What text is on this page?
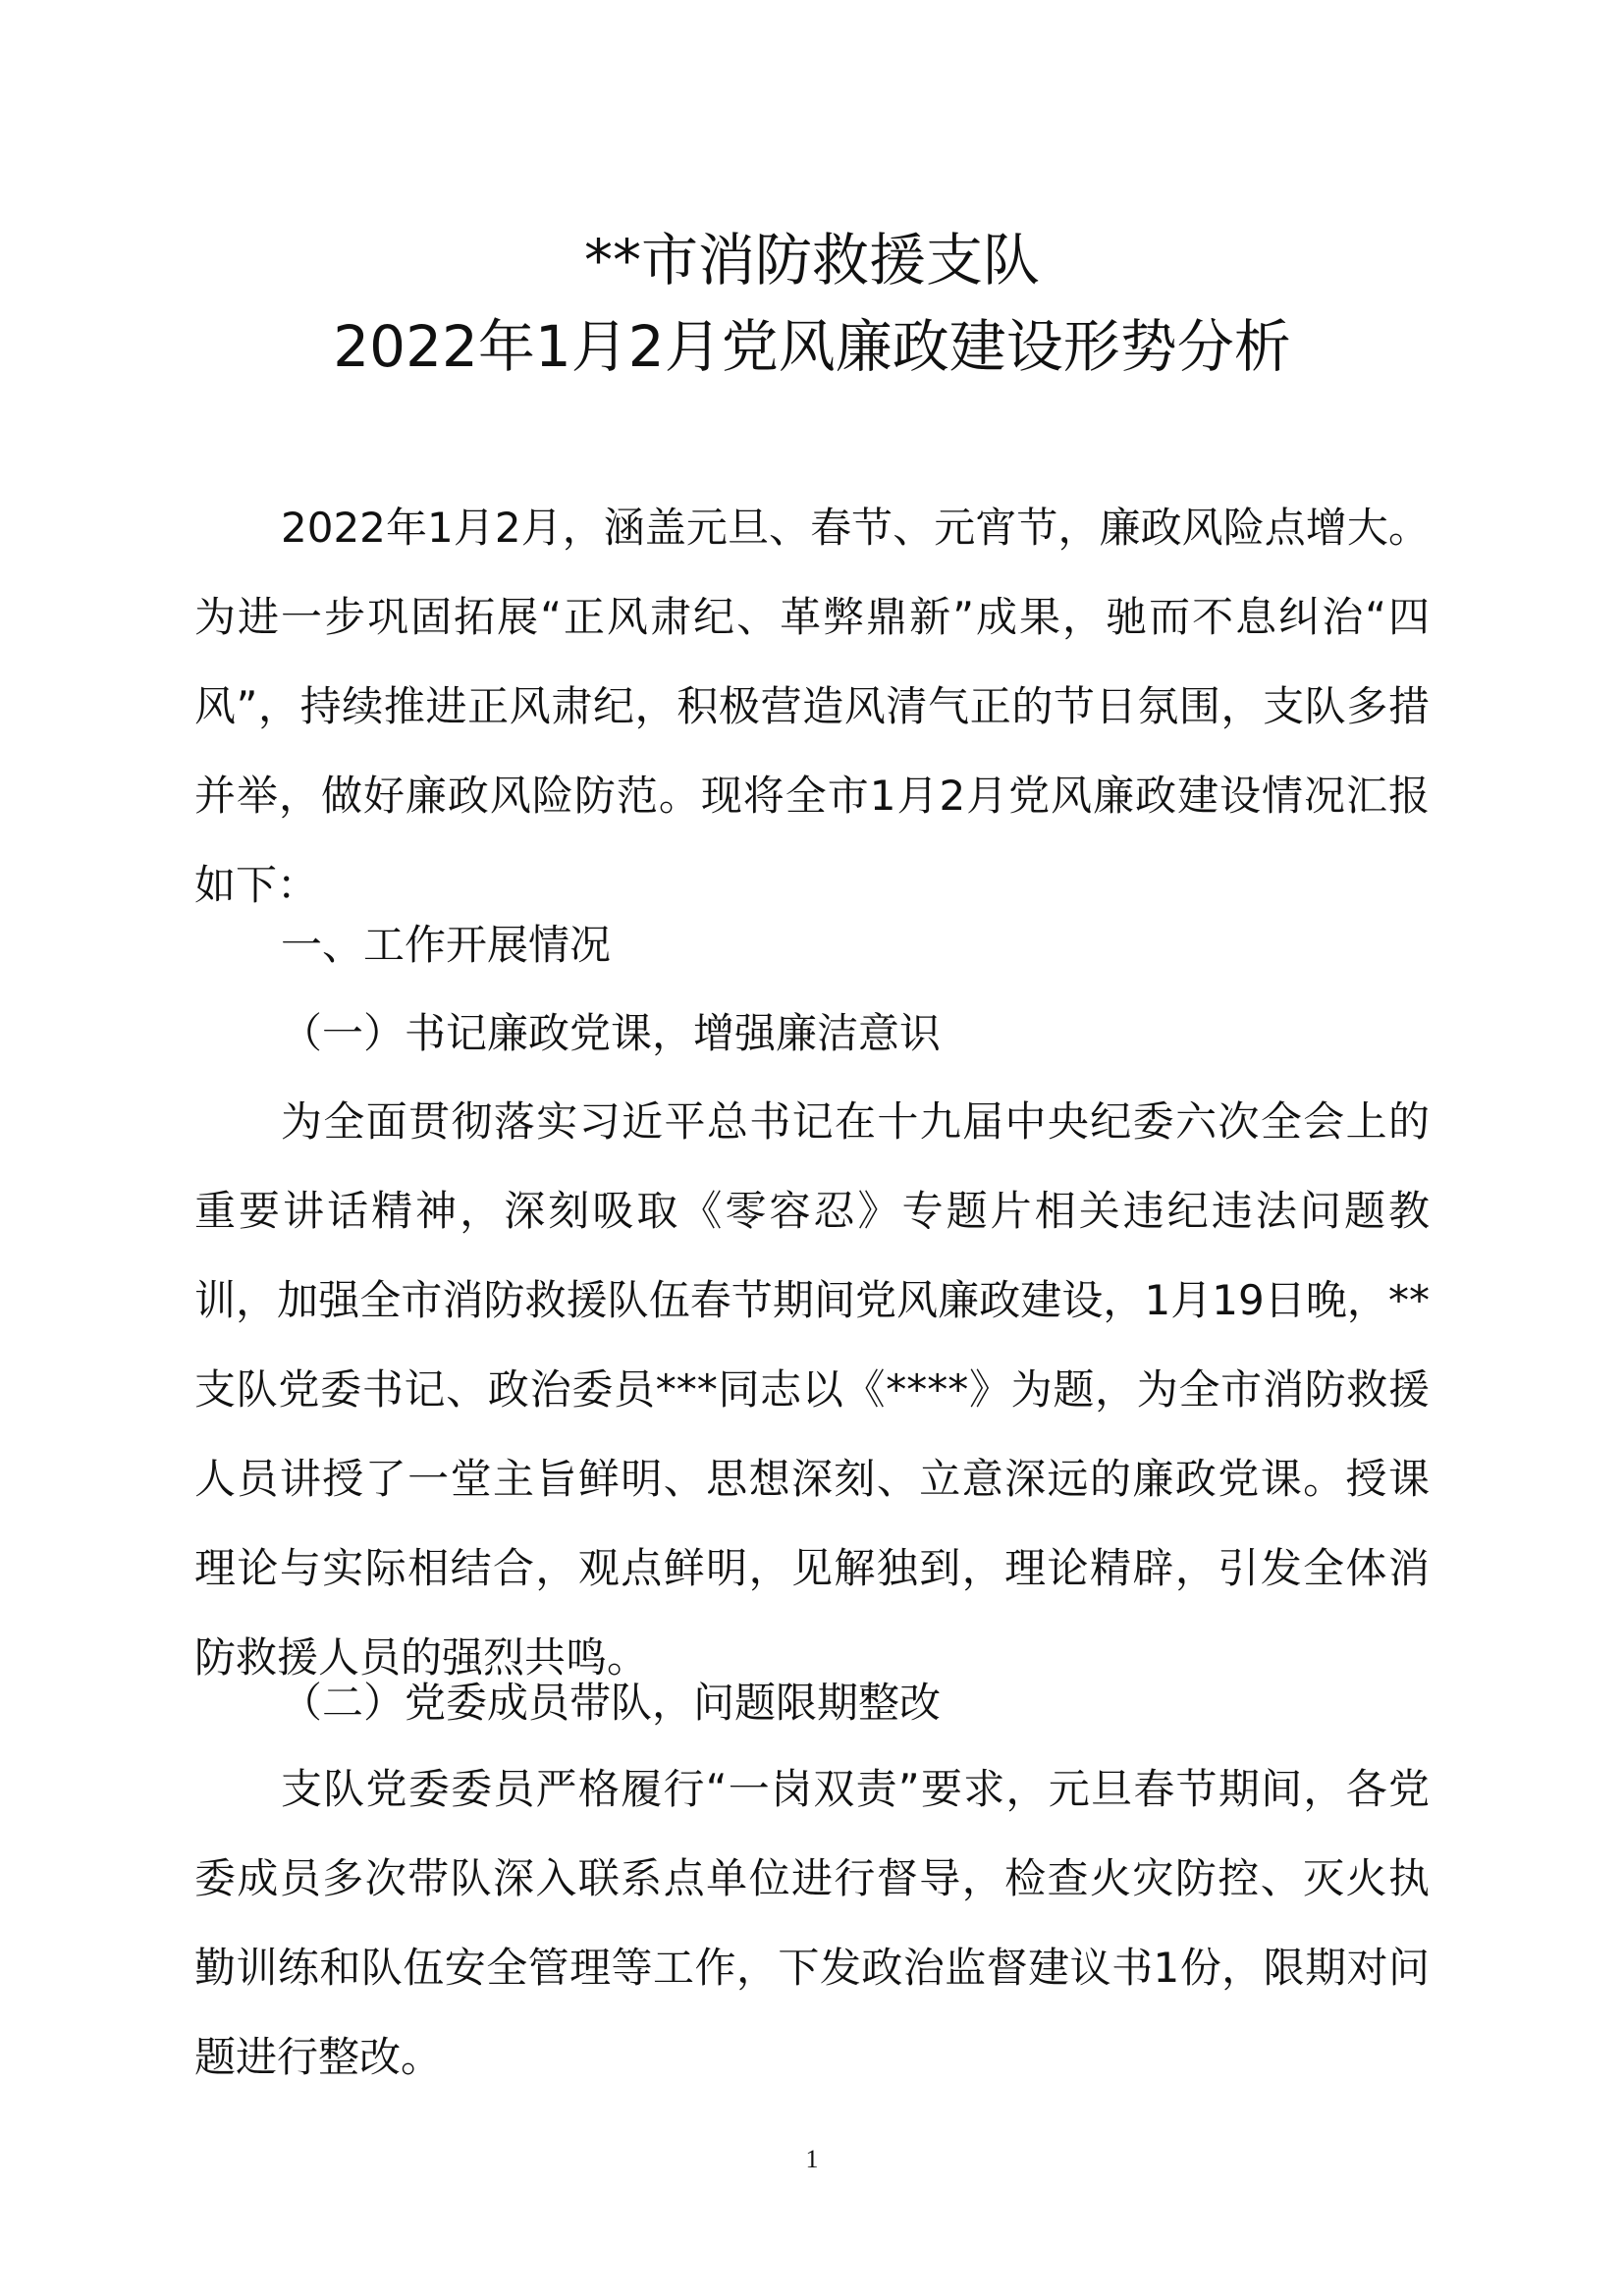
**市消防救援支队
2022年1月2月党风廉政建设形势分析
2022年1月2月，涵盖元旦、春节、元宵节，廉政风险点增大。为进一步巩固拓展“正风肃纪、革弊鼎新”成果，驰而不息纠治“四风”，持续推进正风肃纪，积极营造风清气正的节日氛围，支队多措并举，做好廉政风险防范。现将全市1月2月党风廉政建设情况汇报如下：
一、工作开展情况
（一）书记廉政党课，增强廉洁意识
为全面贯彻落实习近平总书记在十九届中央纪委六次全会上的重要讲话精神，深刻吸取《零容忍》专题片相关违纪违法问题教训，加强全市消防救援队伍春节期间党风廉政建设，1月19日晚，**支队党委书记、政治委员***同志以《****》为题，为全市消防救援人员讲授了一堂主旨鲜明、思想深刻、立意深远的廉政党课。授课理论与实际相结合，观点鲜明，见解独到，理论精辟，引发全体消防救援人员的强烈共鸣。
（二）党委成员带队，问题限期整改
支队党委委员严格履行“一岗双责”要求，元旦春节期间，各党委成员多次带队深入联系点单位进行督导，检查火灾防控、灭火执勤训练和队伍安全管理等工作，下发政治监督建议书1份，限期对问题进行整改。
1
